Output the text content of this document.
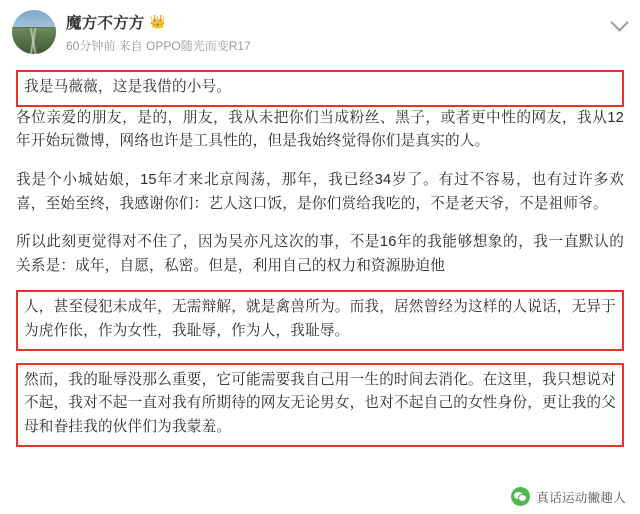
魔方不方方 👑
60分钟前 来自 OPPO随光而变R17

我是马薇薇，这是我借的小号。

各位亲爱的朋友，是的，朋友，我从未把你们当成粉丝、黑子，或者更中性的网友，我从12年开始玩微博，网络也许是工具性的，但是我始终觉得你们是真实的人。

我是个小城姑娘，15年才来北京闯荡，那年，我已经34岁了。有过不容易，也有过许多欢喜，至始至终，我感谢你们：艺人这口饭，是你们赏给我吃的，不是老天爷，不是祖师爷。

所以此刻更觉得对不住了，因为吴亦凡这次的事，不是16年的我能够想象的，我一直默认的关系是：成年，自愿，私密。但是，利用自己的权力和资源胁迫他

人，甚至侵犯未成年，无需辩解，就是禽兽所为。而我，居然曾经为这样的人说话，无异于为虎作伥，作为女性，我耻辱，作为人，我耻辱。

然而，我的耻辱没那么重要，它可能需要我自己用一生的时间去消化。在这里，我只想说对不起，我对不起一直对我有所期待的网友无论男女，也对不起自己的女性身份，更让我的父母和眷挂我的伙伴们为我蒙羞。

真话运动撇趣人
